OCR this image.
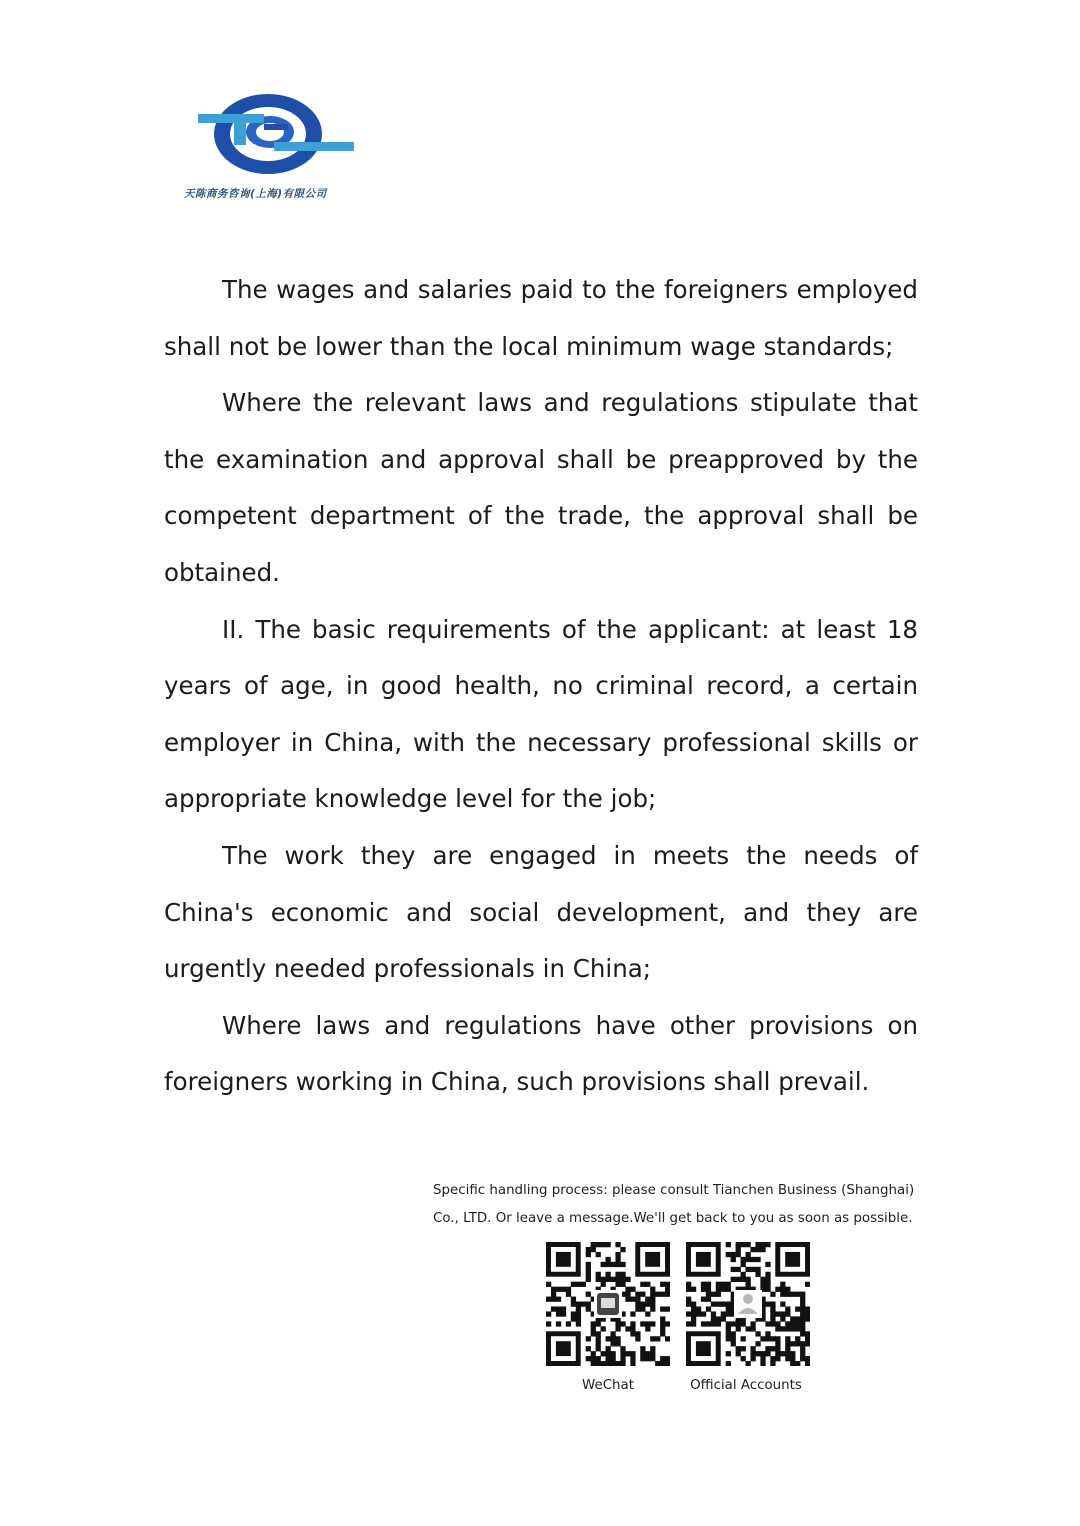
天陈商务咨询(上海)有限公司

The wages and salaries paid to the foreigners employed shall not be lower than the local minimum wage standards;

Where the relevant laws and regulations stipulate that the examination and approval shall be preapproved by the competent department of the trade, the approval shall be obtained.

II. The basic requirements of the applicant: at least 18 years of age, in good health, no criminal record, a certain employer in China, with the necessary professional skills or appropriate knowledge level for the job;

The work they are engaged in meets the needs of China's economic and social development, and they are urgently needed professionals in China;

Where laws and regulations have other provisions on foreigners working in China, such provisions shall prevail.

Specific handling process: please consult Tianchen Business (Shanghai)
Co., LTD. Or leave a message.We'll get back to you as soon as possible.
WeChat	Official Accounts
